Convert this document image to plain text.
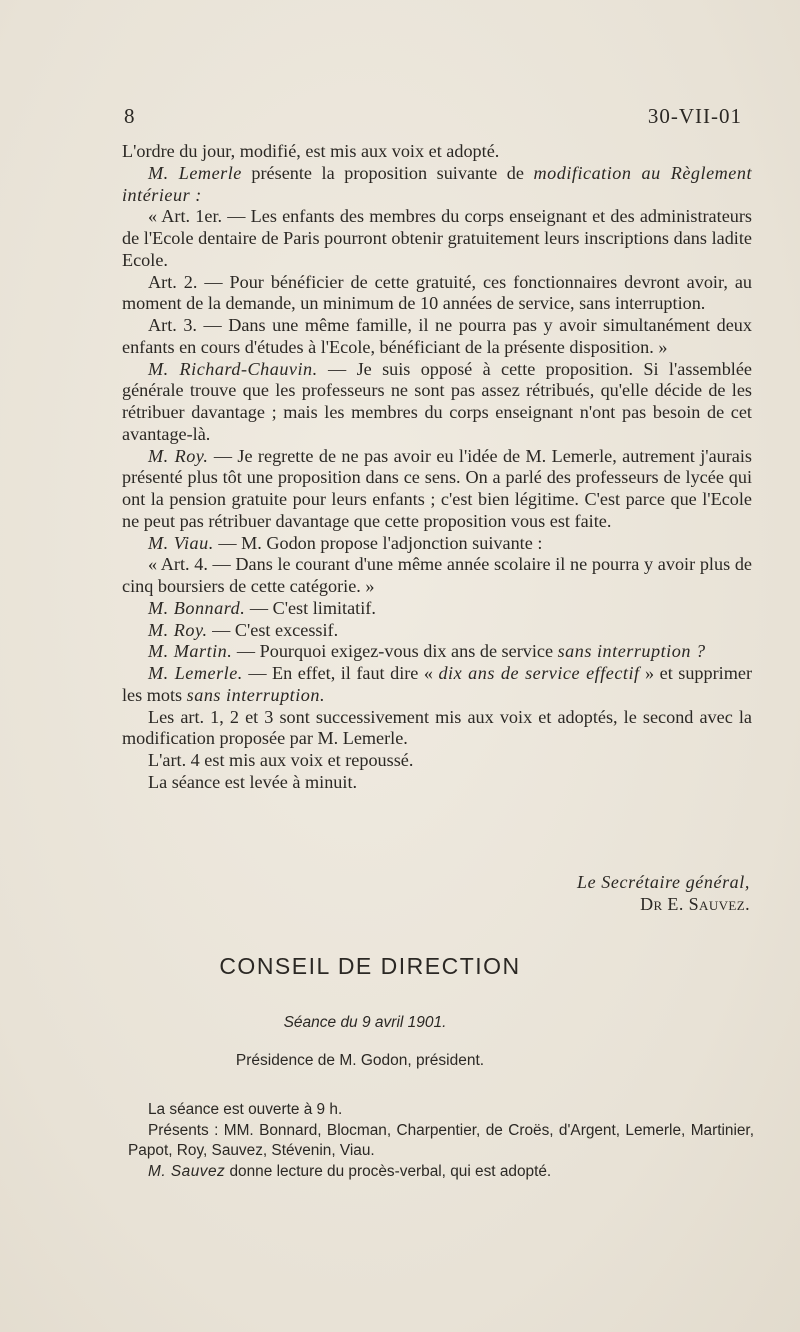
8	30-VII-01

L'ordre du jour, modifié, est mis aux voix et adopté.

M. Lemerle présente la proposition suivante de modification au Règlement intérieur :

« Art. 1er. — Les enfants des membres du corps enseignant et des administrateurs de l'Ecole dentaire de Paris pourront obtenir gratuitement leurs inscriptions dans ladite Ecole.

Art. 2. — Pour bénéficier de cette gratuité, ces fonctionnaires devront avoir, au moment de la demande, un minimum de 10 années de service, sans interruption.

Art. 3. — Dans une même famille, il ne pourra pas y avoir simultanément deux enfants en cours d'études à l'Ecole, bénéficiant de la présente disposition. »

M. Richard-Chauvin. — Je suis opposé à cette proposition. Si l'assemblée générale trouve que les professeurs ne sont pas assez rétribués, qu'elle décide de les rétribuer davantage ; mais les membres du corps enseignant n'ont pas besoin de cet avantage-là.

M. Roy. — Je regrette de ne pas avoir eu l'idée de M. Lemerle, autrement j'aurais présenté plus tôt une proposition dans ce sens. On a parlé des professeurs de lycée qui ont la pension gratuite pour leurs enfants ; c'est bien légitime. C'est parce que l'Ecole ne peut pas rétribuer davantage que cette proposition vous est faite.

M. Viau. — M. Godon propose l'adjonction suivante :

« Art. 4. — Dans le courant d'une même année scolaire il ne pourra y avoir plus de cinq boursiers de cette catégorie. »

M. Bonnard. — C'est limitatif.

M. Roy. — C'est excessif.

M. Martin. — Pourquoi exigez-vous dix ans de service sans interruption ?

M. Lemerle. — En effet, il faut dire « dix ans de service effectif » et supprimer les mots sans interruption.

Les art. 1, 2 et 3 sont successivement mis aux voix et adoptés, le second avec la modification proposée par M. Lemerle.

L'art. 4 est mis aux voix et repoussé.

La séance est levée à minuit.

Le Secrétaire général,
Dr E. Sauvez.
CONSEIL DE DIRECTION
Séance du 9 avril 1901.
Présidence de M. Godon, président.

La séance est ouverte à 9 h.

Présents : MM. Bonnard, Blocman, Charpentier, de Croës, d'Argent, Lemerle, Martinier, Papot, Roy, Sauvez, Stévenin, Viau.

M. Sauvez donne lecture du procès-verbal, qui est adopté.
